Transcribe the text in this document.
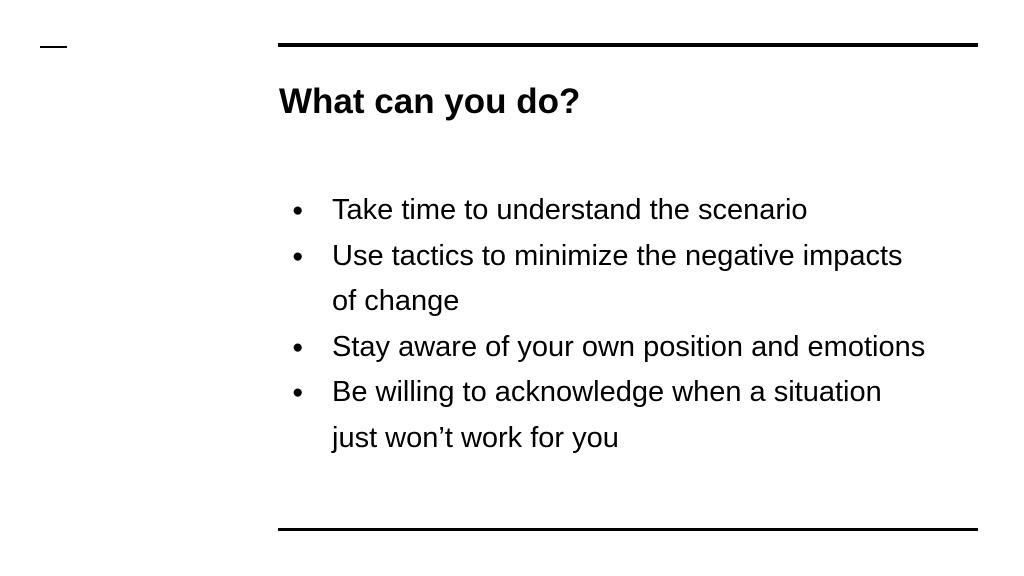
What can you do?
● Take time to understand the scenario
● Use tactics to minimize the negative impacts of change
● Stay aware of your own position and emotions
● Be willing to acknowledge when a situation just won’t work for you
